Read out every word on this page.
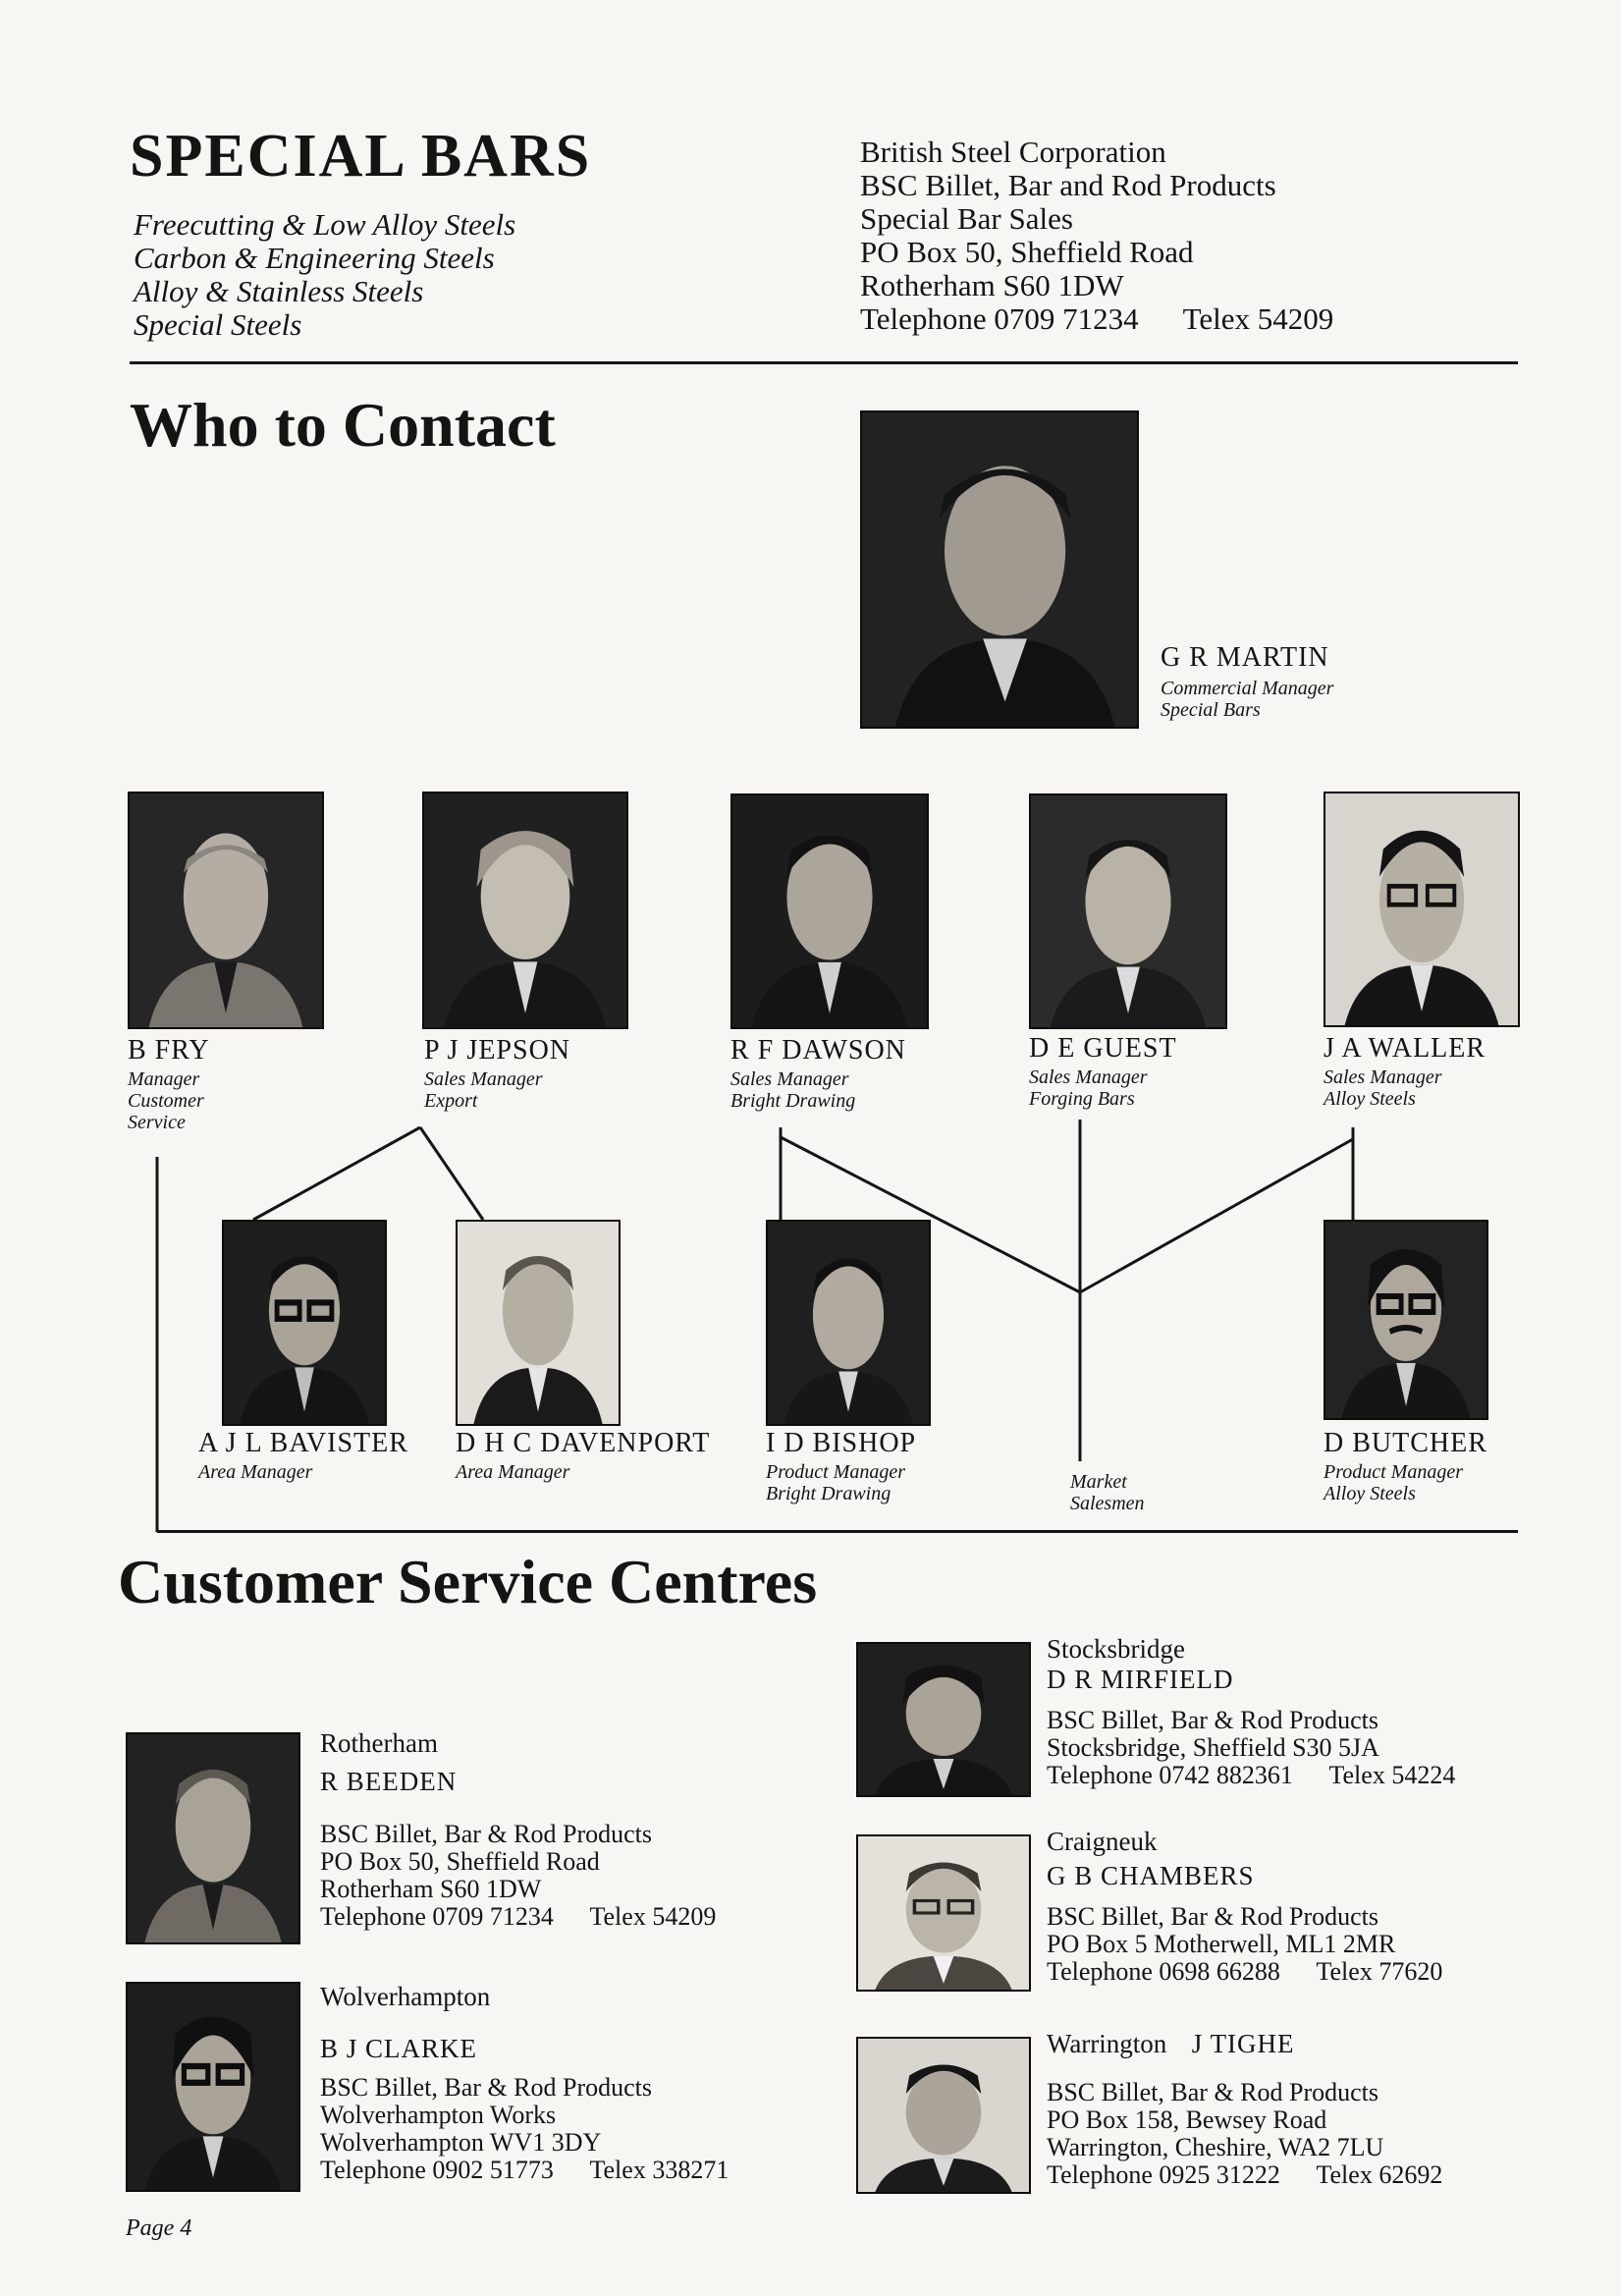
SPECIAL BARS
Freecutting & Low Alloy Steels
Carbon & Engineering Steels
Alloy & Stainless Steels
Special Steels
British Steel Corporation
BSC Billet, Bar and Rod Products
Special Bar Sales
PO Box 50, Sheffield Road
Rotherham S60 1DW
Telephone 0709 71234 Telex 54209
Who to Contact
G R MARTIN
Commercial Manager
Special Bars
B FRY
Manager
Customer
Service
P J JEPSON
Sales Manager
Export
R F DAWSON
Sales Manager
Bright Drawing
D E GUEST
Sales Manager
Forging Bars
J A WALLER
Sales Manager
Alloy Steels
A J L BAVISTER
Area Manager
D H C DAVENPORT
Area Manager
I D BISHOP
Product Manager
Bright Drawing
Market
Salesmen
D BUTCHER
Product Manager
Alloy Steels
Customer Service Centres
Rotherham
R BEEDEN
BSC Billet, Bar & Rod Products
PO Box 50, Sheffield Road
Rotherham S60 1DW
Telephone 0709 71234 Telex 54209
Wolverhampton
B J CLARKE
BSC Billet, Bar & Rod Products
Wolverhampton Works
Wolverhampton WV1 3DY
Telephone 0902 51773 Telex 338271
Stocksbridge
D R MIRFIELD
BSC Billet, Bar & Rod Products
Stocksbridge, Sheffield S30 5JA
Telephone 0742 882361 Telex 54224
Craigneuk
G B CHAMBERS
BSC Billet, Bar & Rod Products
PO Box 5 Motherwell, ML1 2MR
Telephone 0698 66288 Telex 77620
Warrington J TIGHE
BSC Billet, Bar & Rod Products
PO Box 158, Bewsey Road
Warrington, Cheshire, WA2 7LU
Telephone 0925 31222 Telex 62692
Page 4
